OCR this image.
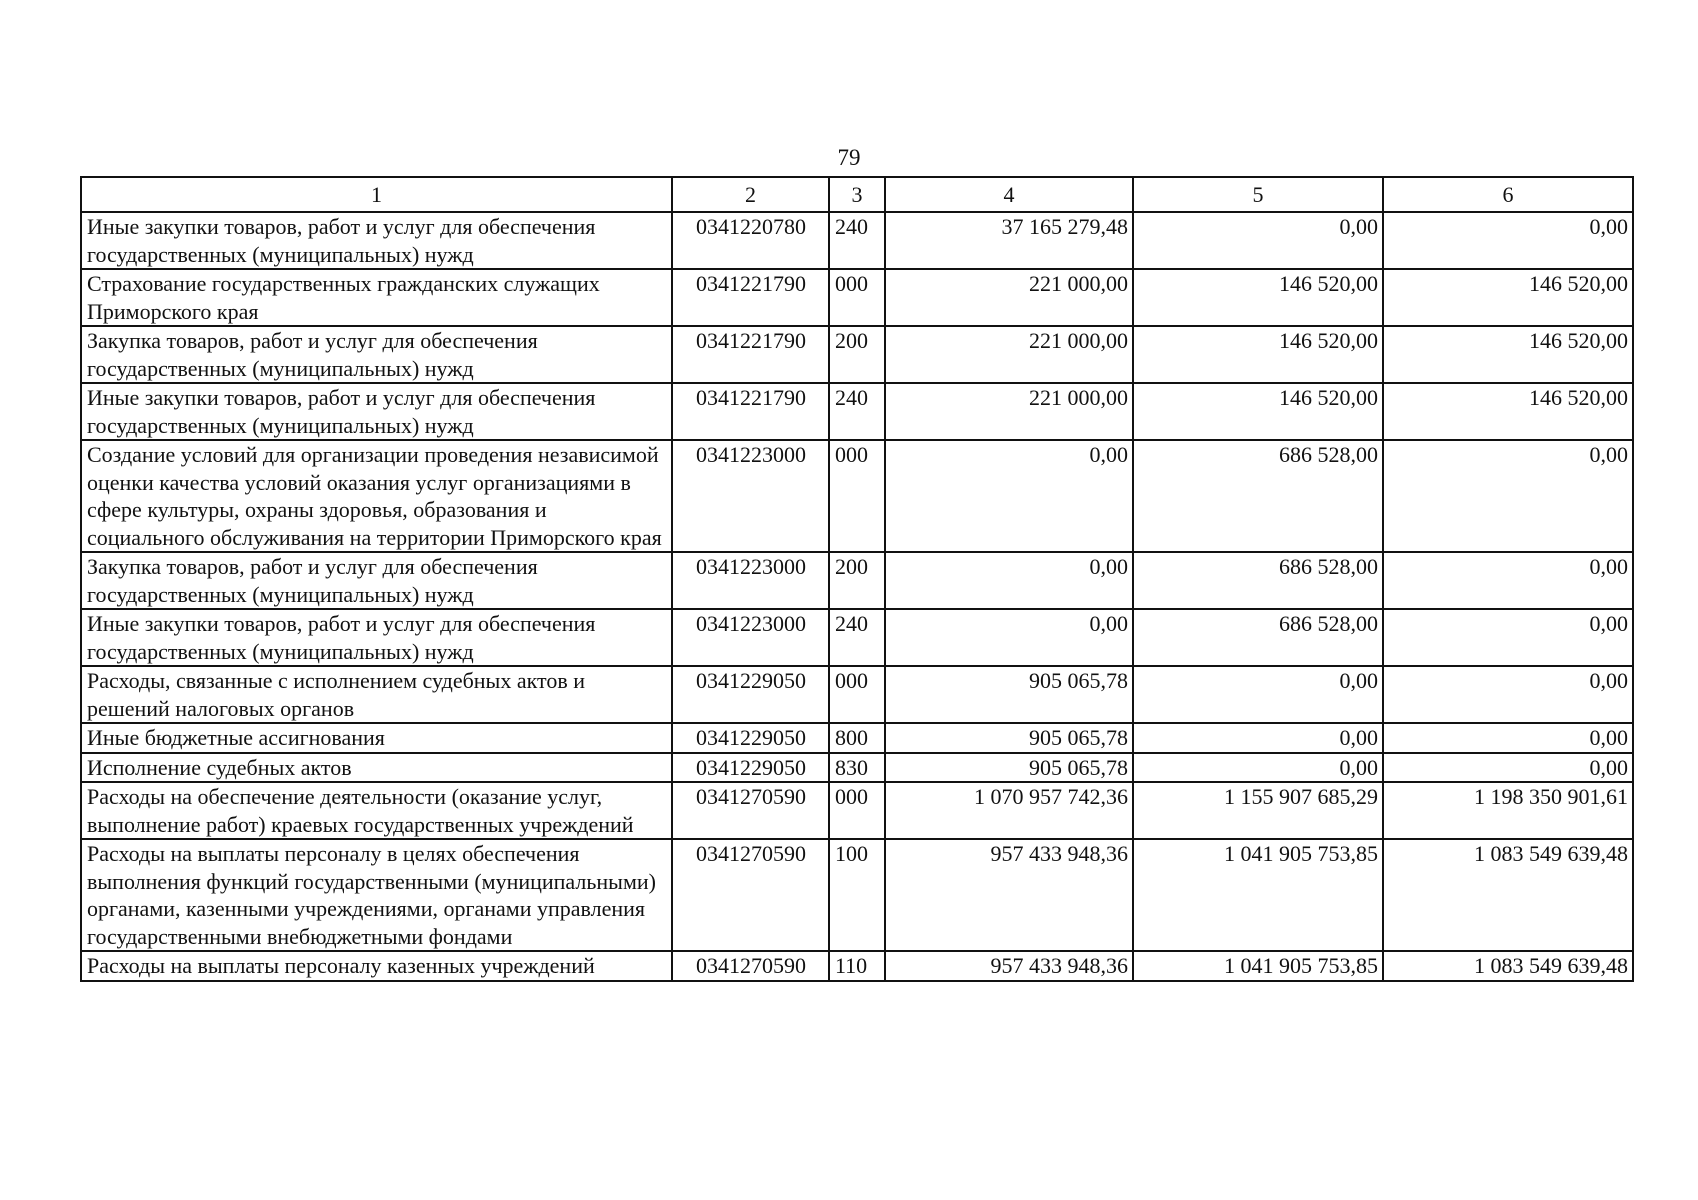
79
1	2	3	4	5	6
Иные закупки товаров, работ и услуг для обеспечения государственных (муниципальных) нужд	0341220780	240	37 165 279,48	0,00	0,00
Страхование государственных гражданских служащих Приморского края	0341221790	000	221 000,00	146 520,00	146 520,00
Закупка товаров, работ и услуг для обеспечения государственных (муниципальных) нужд	0341221790	200	221 000,00	146 520,00	146 520,00
Иные закупки товаров, работ и услуг для обеспечения государственных (муниципальных) нужд	0341221790	240	221 000,00	146 520,00	146 520,00
Создание условий для организации проведения независимой оценки качества условий оказания услуг организациями в сфере культуры, охраны здоровья, образования и социального обслуживания на территории Приморского края	0341223000	000	0,00	686 528,00	0,00
Закупка товаров, работ и услуг для обеспечения государственных (муниципальных) нужд	0341223000	200	0,00	686 528,00	0,00
Иные закупки товаров, работ и услуг для обеспечения государственных (муниципальных) нужд	0341223000	240	0,00	686 528,00	0,00
Расходы, связанные с исполнением судебных актов и решений налоговых органов	0341229050	000	905 065,78	0,00	0,00
Иные бюджетные ассигнования	0341229050	800	905 065,78	0,00	0,00
Исполнение судебных актов	0341229050	830	905 065,78	0,00	0,00
Расходы на обеспечение деятельности (оказание услуг, выполнение работ) краевых государственных учреждений	0341270590	000	1 070 957 742,36	1 155 907 685,29	1 198 350 901,61
Расходы на выплаты персоналу в целях обеспечения выполнения функций государственными (муниципальными) органами, казенными учреждениями, органами управления государственными внебюджетными фондами	0341270590	100	957 433 948,36	1 041 905 753,85	1 083 549 639,48
Расходы на выплаты персоналу казенных учреждений	0341270590	110	957 433 948,36	1 041 905 753,85	1 083 549 639,48
